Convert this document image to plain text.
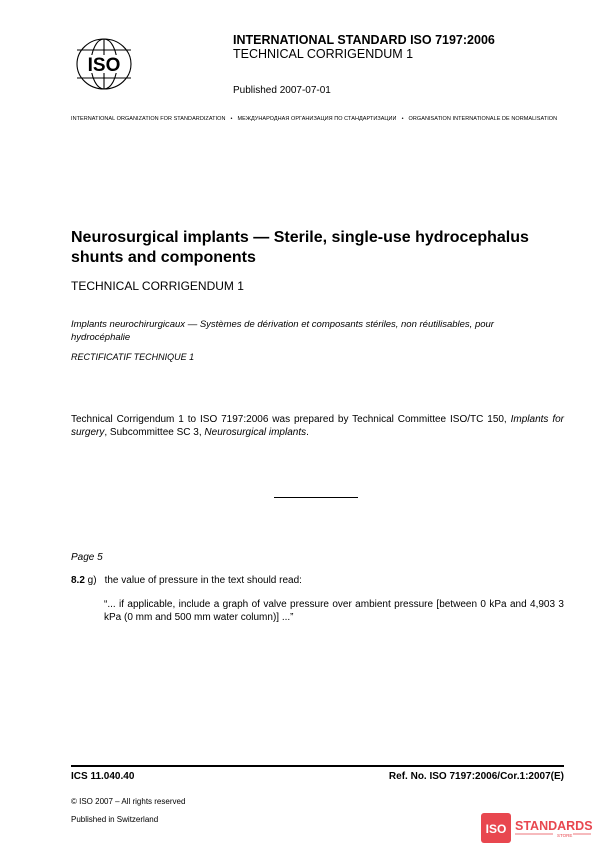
ISO
INTERNATIONAL STANDARD ISO 7197:2006
TECHNICAL CORRIGENDUM 1
Published 2007-07-01
INTERNATIONAL ORGANIZATION FOR STANDARDIZATION • МЕЖДУНАРОДНАЯ ОРГАНИЗАЦИЯ ПО СТАНДАРТИЗАЦИИ • ORGANISATION INTERNATIONALE DE NORMALISATION
Neurosurgical implants — Sterile, single-use hydrocephalus shunts and components
TECHNICAL CORRIGENDUM 1
Implants neurochirurgicaux — Systèmes de dérivation et composants stériles, non réutilisables, pour hydrocéphalie
RECTIFICATIF TECHNIQUE 1
Technical Corrigendum 1 to ISO 7197:2006 was prepared by Technical Committee ISO/TC 150, Implants for surgery, Subcommittee SC 3, Neurosurgical implants.
Page 5
8.2 g) the value of pressure in the text should read:
“... if applicable, include a graph of valve pressure over ambient pressure [between 0 kPa and 4,903 3 kPa (0 mm and 500 mm water column)] ...”
ICS 11.040.40	Ref. No. ISO 7197:2006/Cor.1:2007(E)
© ISO 2007 – All rights reserved
Published in Switzerland
ISO STANDARDS
STORE
